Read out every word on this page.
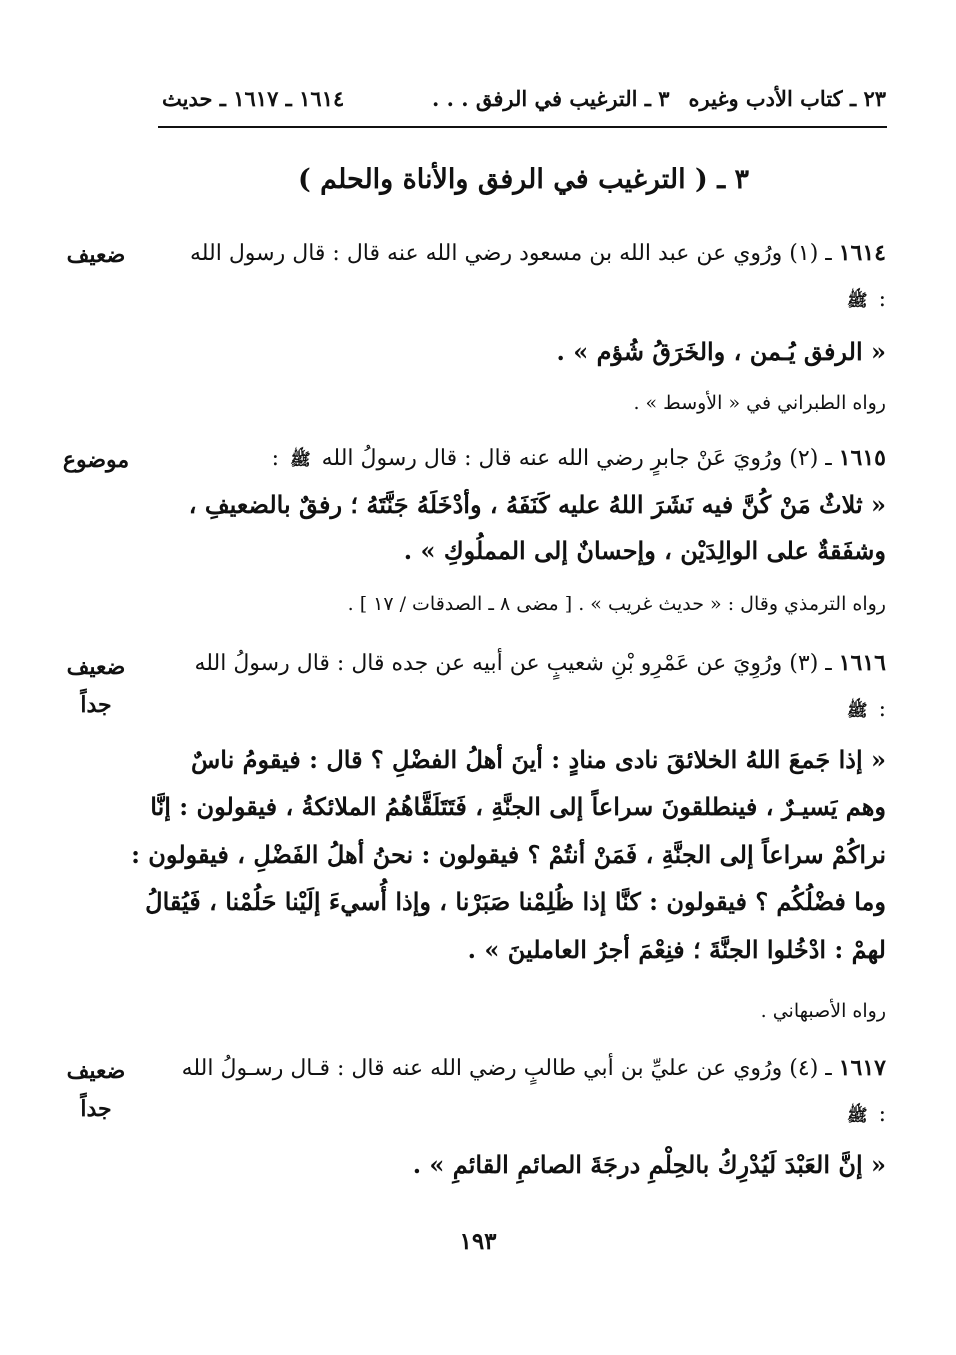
٢٣ ـ كتاب الأدب وغيره
٣ ـ الترغيب في الرفق . . .
١٦١٤ ـ ١٦١٧ ـ حديث
٣ ـ ( الترغيب في الرفق والأناة والحلم )
ضعيف	١٦١٤ ـ (١) ورُوي عن عبد الله بن مسعود رضي الله عنه قال : قال رسول الله
: ﷺ
« الرفق يُـمن ، والخَرَقُ شُؤم » .
رواه الطبراني في « الأوسط » .
موضوع	١٦١٥ ـ (٢) ورُويَ عَنْ جابرٍ رضي الله عنه قال : قال رسولُ الله ﷺ :
« ثلاثٌ مَنْ كُنَّ فيه نَشَرَ اللهُ عليه كَنَفَهُ ، وأدْخَلَهُ جَنَّتَهُ ؛ رفقٌ بالضعيفِ ،
وشفَقةٌ على الوالِدَيْن ، وإحسانٌ إلى المملُوكِ » .
رواه الترمذي وقال : « حديث غريب » . [ مضى ٨ ـ الصدقات / ١٧ ] .
ضعيف جداً
١٦١٦ ـ (٣) ورُوِيَ عن عَمْرِو بْنِ شعيبٍ عن أبيه عن جده قال : قال رسولُ الله
: ﷺ
« إذا جَمعَ اللهُ الخلائقَ نادى منادٍ : أينَ أهلُ الفضْلِ ؟ قال : فيقومُ ناسٌ
وهم يَسيـرٌ ، فينطلقونَ سراعاً إلى الجنَّةِ ، فَتَتَلَقَّاهُمُ الملائكةُ ، فيقولون : إنَّا
نراكُمْ سراعاً إلى الجنَّةِ ، فَمَنْ أنتُمْ ؟ فيقولون : نحنُ أهلُ الفَضْلِ ، فيقولون :
وما فضْلُكُم ؟ فيقولون : كنَّا إذا ظُلِمْنا صَبَرْنا ، وإذا أُسيءَ إلَيْنا حَلُمْنا ، فَيُقالُ
لهمْ : ادْخُلوا الجنَّةَ ؛ فنِعْمَ أجرُ العاملينَ » .
رواه الأصبهاني .
ضعيف جداً
١٦١٧ ـ (٤) ورُوي عن عليِّ بن أبي طالبٍ رضي الله عنه قال : قـال رسـولُ الله
: ﷺ
« إنَّ العَبْدَ لَيُدْرِكُ بالحِلْمِ درجَةَ الصائمِ القائمِ » .
١٩٣
